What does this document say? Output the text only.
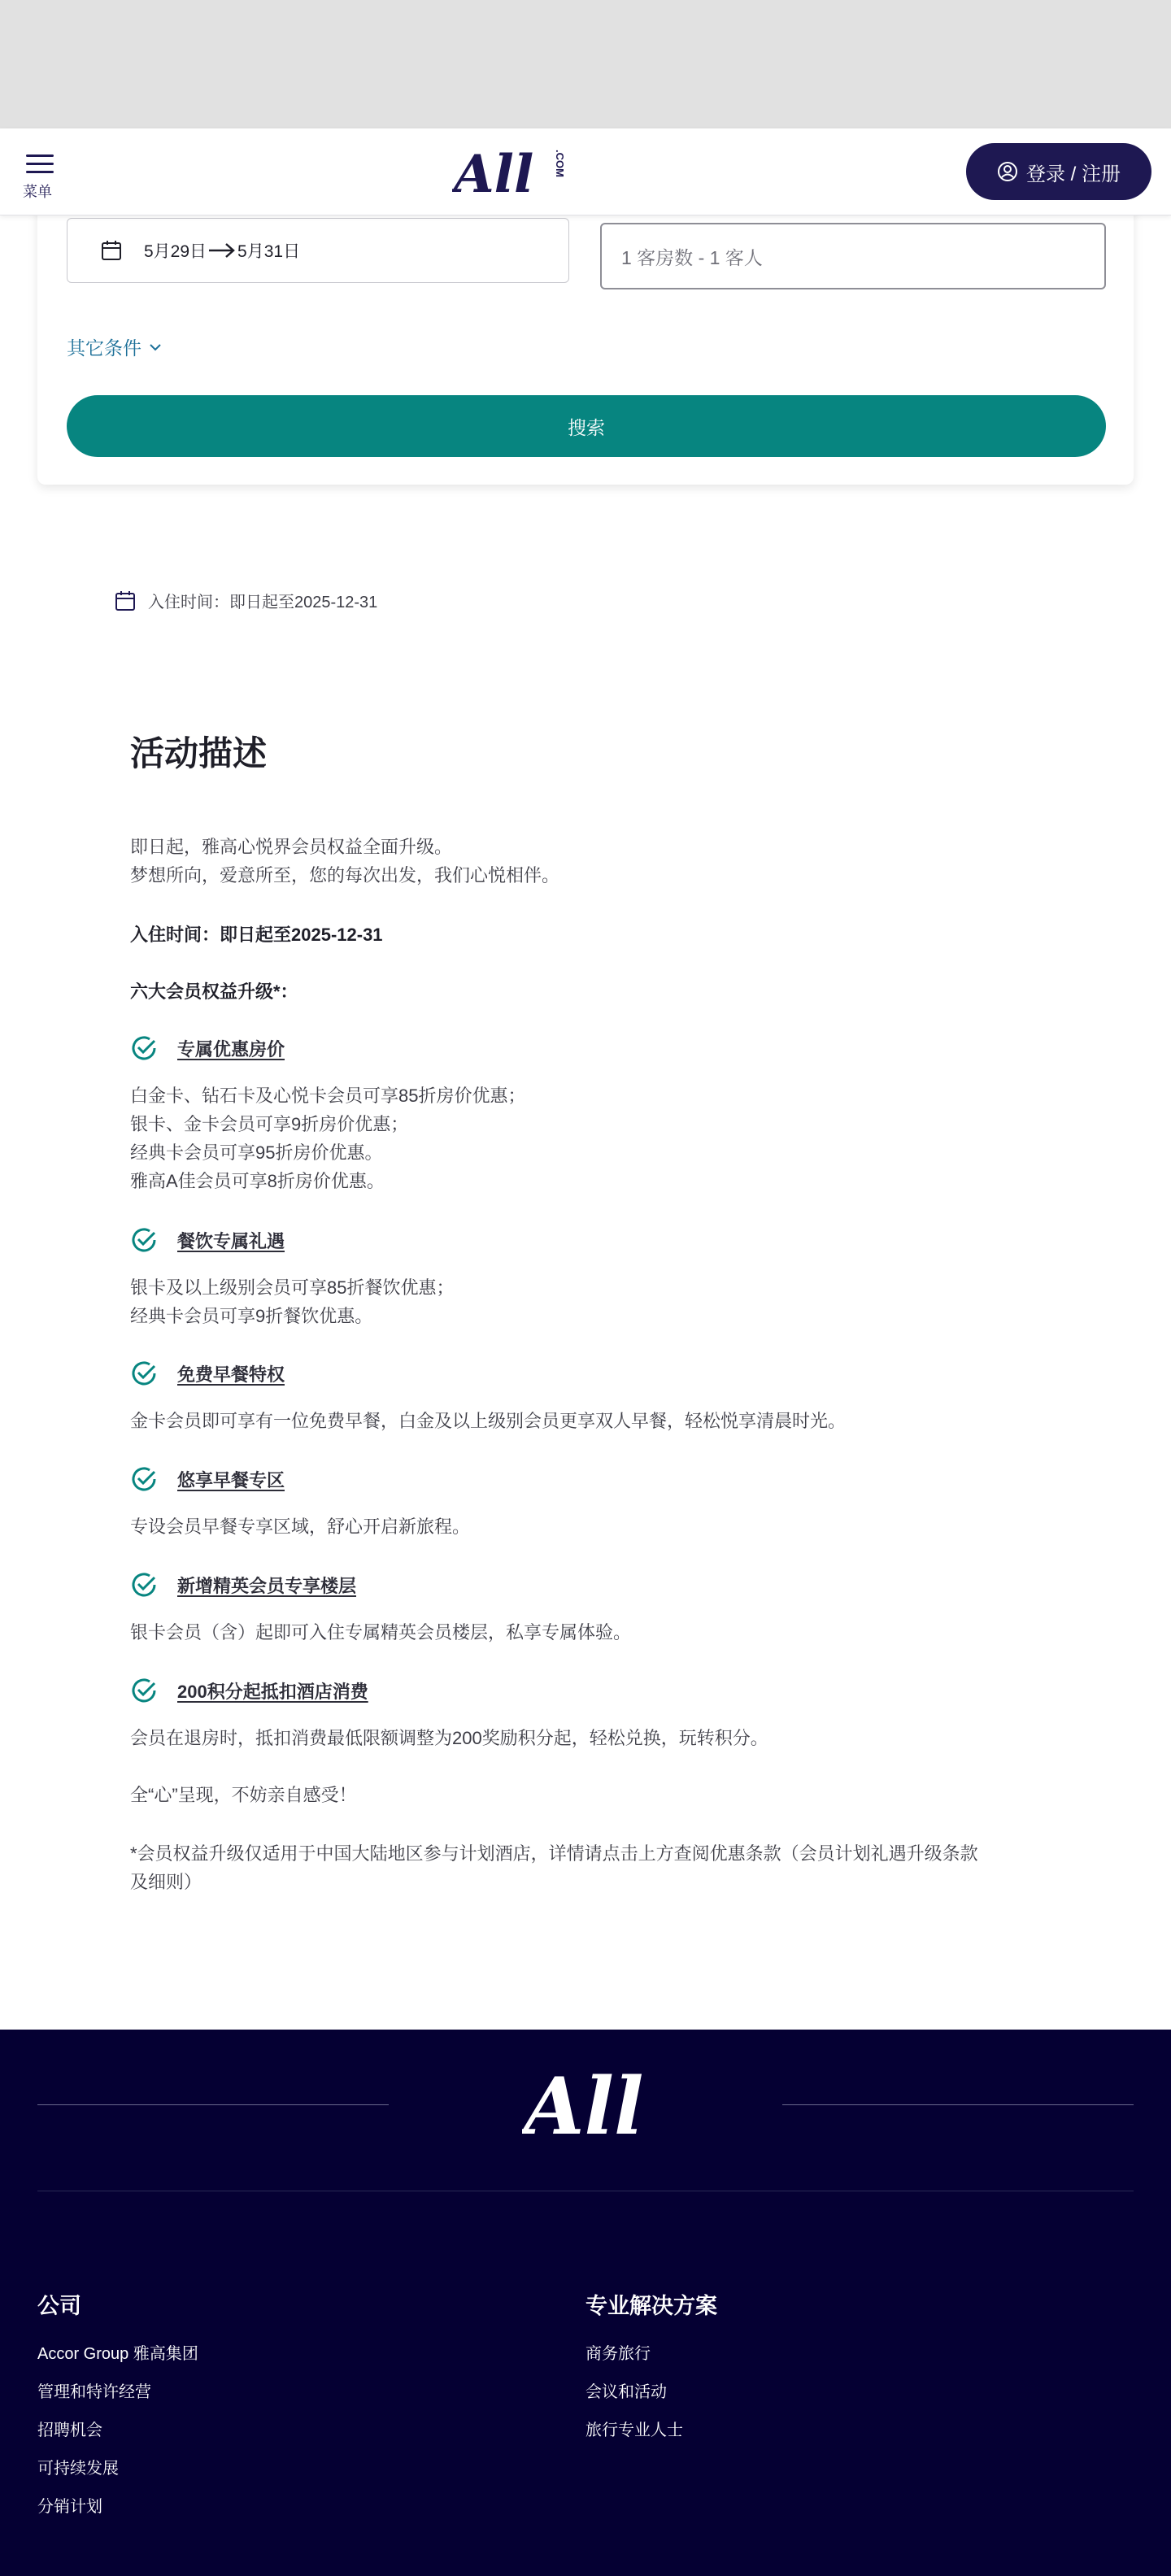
菜单	All .COM	登录 / 注册
5月29日 5月31日	1 客房数 - 1 客人
其它条件
搜索
入住时间：即日起至2025-12-31
活动描述

即日起，雅高心悦界会员权益全面升级。

梦想所向，爱意所至，您的每次出发，我们心悦相伴。

入住时间：即日起至2025-12-31

六大会员权益升级*：

专属优惠房价

白金卡、钻石卡及心悦卡会员可享85折房价优惠；

银卡、金卡会员可享9折房价优惠；

经典卡会员可享95折房价优惠。

雅高A佳会员可享8折房价优惠。

餐饮专属礼遇

银卡及以上级别会员可享85折餐饮优惠；

经典卡会员可享9折餐饮优惠。

免费早餐特权

金卡会员即可享有一位免费早餐，白金及以上级别会员更享双人早餐，轻松悦享清晨时光。

悠享早餐专区

专设会员早餐专享区域，舒心开启新旅程。

新增精英会员专享楼层

银卡会员（含）起即可入住专属精英会员楼层，私享专属体验。

200积分起抵扣酒店消费

会员在退房时，抵扣消费最低限额调整为200奖励积分起，轻松兑换，玩转积分。

全“心”呈现，不妨亲自感受！

*会员权益升级仅适用于中国大陆地区参与计划酒店，详情请点击上方查阅优惠条款（会员计划礼遇升级条款

及细则）

All
公司
Accor Group 雅高集团
管理和特许经营
招聘机会
可持续发展
分销计划
专业解决方案
商务旅行
会议和活动
旅行专业人士
